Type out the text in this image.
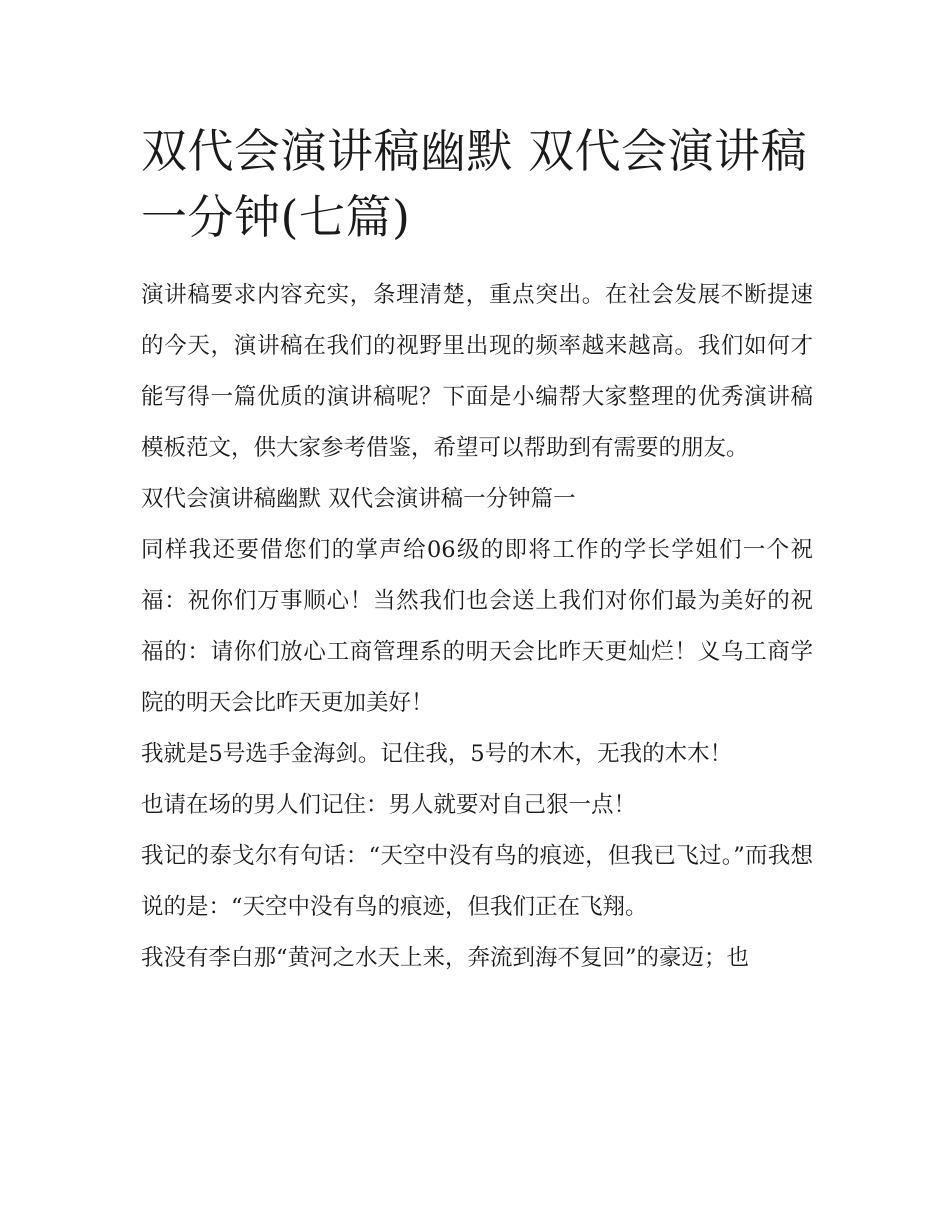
双代会演讲稿幽默 双代会演讲稿一分钟(七篇)

演讲稿要求内容充实，条理清楚，重点突出。在社会发展不断提速的今天，演讲稿在我们的视野里出现的频率越来越高。我们如何才能写得一篇优质的演讲稿呢？下面是小编帮大家整理的优秀演讲稿模板范文，供大家参考借鉴，希望可以帮助到有需要的朋友。

双代会演讲稿幽默 双代会演讲稿一分钟篇一

同样我还要借您们的掌声给06级的即将工作的学长学姐们一个祝福：祝你们万事顺心！当然我们也会送上我们对你们最为美好的祝福的：请你们放心工商管理系的明天会比昨天更灿烂！义乌工商学院的明天会比昨天更加美好！

我就是5号选手金海剑。记住我，5号的木木，无我的木木！

也请在场的男人们记住：男人就要对自己狠一点！

我记的泰戈尔有句话：“天空中没有鸟的痕迹，但我已飞过。”而我想说的是：“天空中没有鸟的痕迹，但我们正在飞翔。

我没有李白那“黄河之水天上来，奔流到海不复回”的豪迈；也
